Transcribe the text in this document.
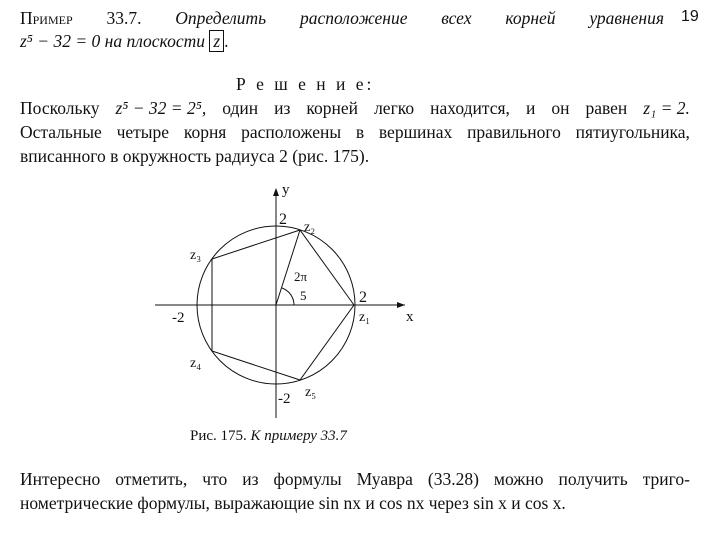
19
Пример 33.7. Определить расположение всех корней уравнения
z⁵ − 32 = 0 на плоскости z .
Р е ш е н и е:
Поскольку z⁵ − 32 = 2⁵, один из корней легко находится, и он равен z₁ = 2.
Остальные четыре корня расположены в вершинах правильного пятиугольника,
вписанного в окружность радиуса 2 (рис. 175).
y
x
2
2
-2
-2
2π
5
z₁
z₂
z₃
z₄
z₅
Рис. 175. К примеру 33.7
Интересно отметить, что из формулы Муавра (33.28) можно получить триго-
нометрические формулы, выражающие sin nx и cos nx через sin x и cos x.
